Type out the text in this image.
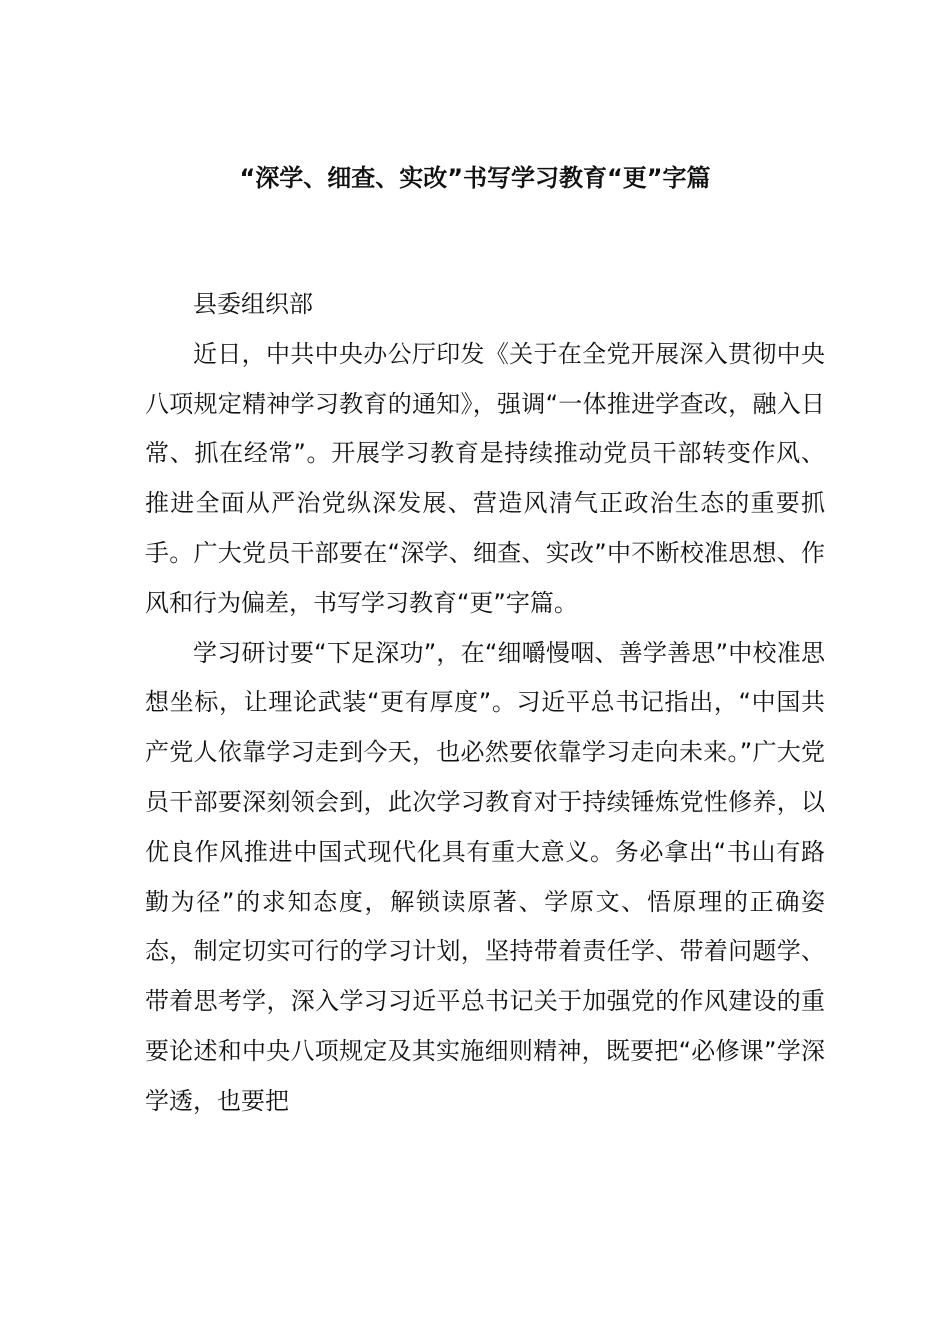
“深学、细查、实改”书写学习教育“更”字篇

县委组织部

近日，中共中央办公厅印发《关于在全党开展深入贯彻中央八项规定精神学习教育的通知》，强调“一体推进学查改，融入日常、抓在经常”。开展学习教育是持续推动党员干部转变作风、推进全面从严治党纵深发展、营造风清气正政治生态的重要抓手。广大党员干部要在“深学、细查、实改”中不断校准思想、作风和行为偏差，书写学习教育“更”字篇。

学习研讨要“下足深功”，在“细嚼慢咽、善学善思”中校准思想坐标，让理论武装“更有厚度”。习近平总书记指出，“中国共产党人依靠学习走到今天，也必然要依靠学习走向未来。”广大党员干部要深刻领会到，此次学习教育对于持续锤炼党性修养，以优良作风推进中国式现代化具有重大意义。务必拿出“书山有路勤为径”的求知态度，解锁读原著、学原文、悟原理的正确姿态，制定切实可行的学习计划，坚持带着责任学、带着问题学、带着思考学，深入学习习近平总书记关于加强党的作风建设的重要论述和中央八项规定及其实施细则精神，既要把“必修课”学深学透，也要把
